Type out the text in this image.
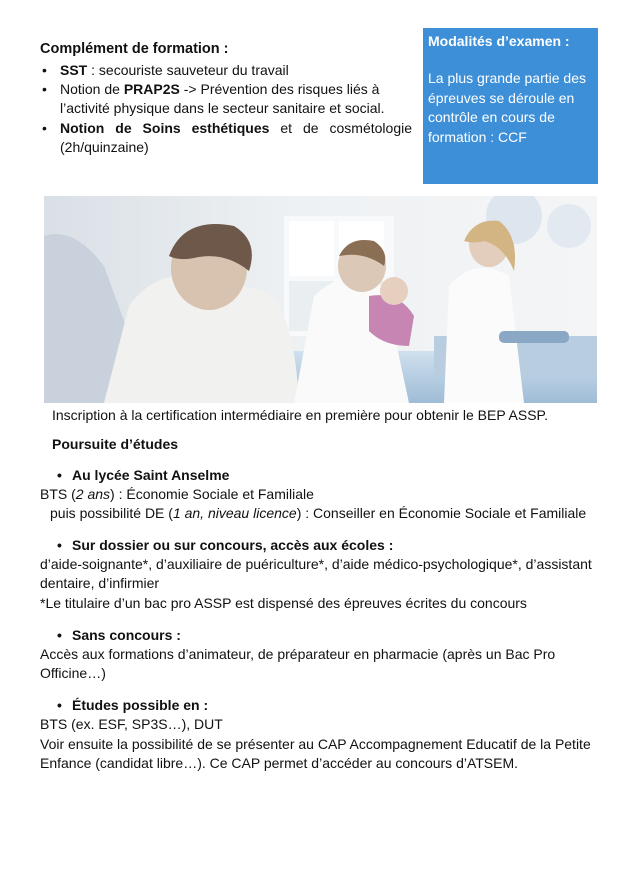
Complément de formation :
• SST : secouriste sauveteur du travail
• Notion de PRAP2S -> Prévention des risques liés à l’activité physique dans le secteur sanitaire et social.
• Notion de Soins esthétiques et de cosmétologie (2h/quinzaine)
Modalités d’examen :
La plus grande partie des épreuves se déroule en contrôle en cours de formation : CCF

Inscription à la certification intermédiaire en première pour obtenir le BEP ASSP.

Poursuite d’études

• Au lycée Saint Anselme

BTS (2 ans) : Économie Sociale et Familiale

puis possibilité DE (1 an, niveau licence) : Conseiller en Économie Sociale et Familiale

• Sur dossier ou sur concours, accès aux écoles :

d’aide-soignante*, d’auxiliaire de puériculture*, d’aide médico-psychologique*, d’assistant dentaire, d’infirmier

*Le titulaire d’un bac pro ASSP est dispensé des épreuves écrites du concours

• Sans concours :

Accès aux formations d’animateur, de préparateur en pharmacie (après un Bac Pro Officine…)

• Études possible en :

BTS (ex. ESF, SP3S…), DUT

Voir ensuite la possibilité de se présenter au CAP Accompagnement Educatif de la Petite Enfance (candidat libre…). Ce CAP permet d’accéder au concours d’ATSEM.
